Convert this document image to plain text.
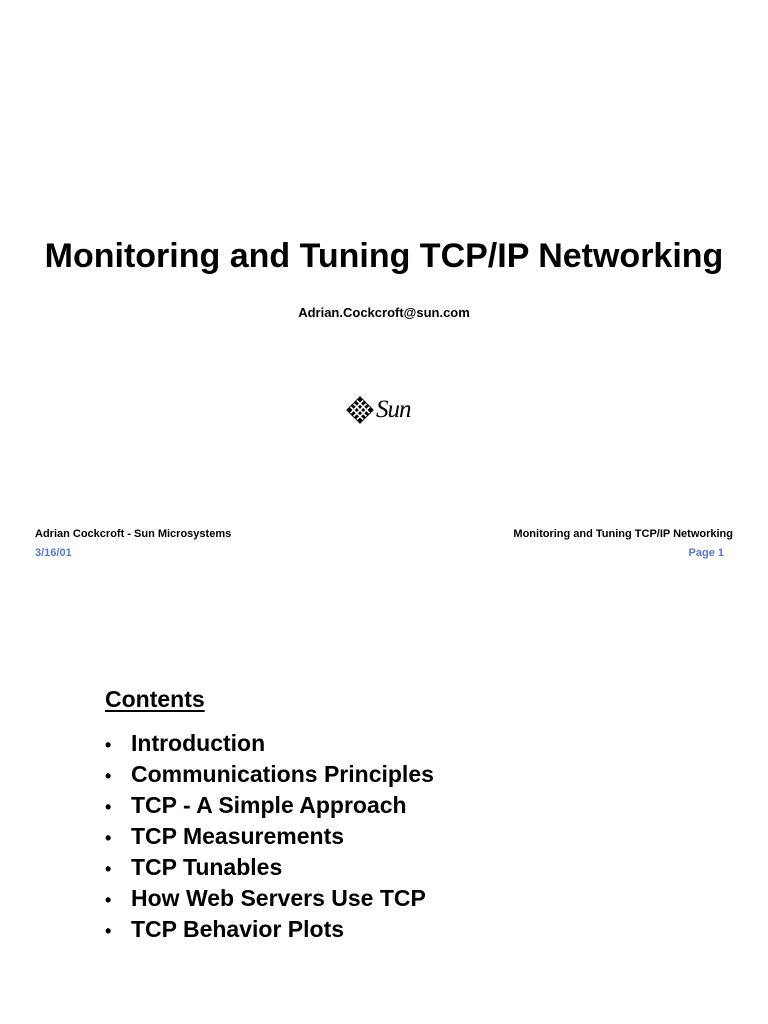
Monitoring and Tuning TCP/IP Networking
Adrian.Cockcroft@sun.com
Sun
Adrian Cockcroft - Sun Microsystems	Monitoring and Tuning TCP/IP Networking
3/16/01	Page 1
Contents
• Introduction
• Communications Principles
• TCP - A Simple Approach
• TCP Measurements
• TCP Tunables
• How Web Servers Use TCP
• TCP Behavior Plots
